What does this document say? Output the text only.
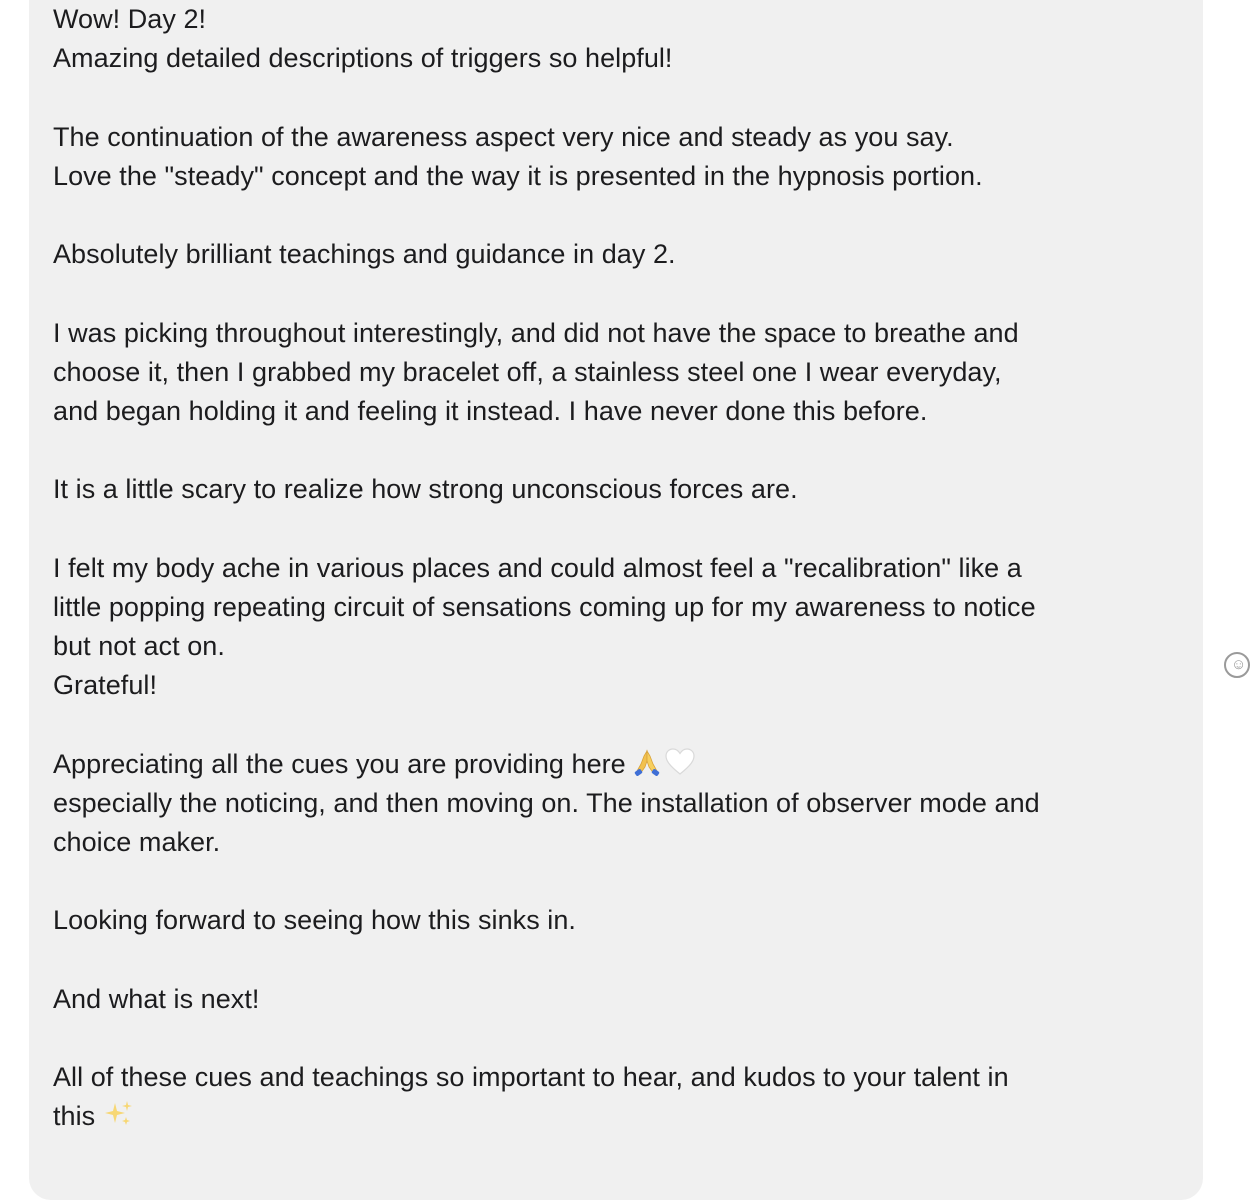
Wow! Day 2!
Amazing detailed descriptions of triggers so helpful!
The continuation of the awareness aspect very nice and steady as you say.
Love the "steady" concept and the way it is presented in the hypnosis portion.
Absolutely brilliant teachings and guidance in day 2.
I was picking throughout interestingly, and did not have the space to breathe and
choose it, then I grabbed my bracelet off, a stainless steel one I wear everyday,
and began holding it and feeling it instead. I have never done this before.
It is a little scary to realize how strong unconscious forces are.
I felt my body ache in various places and could almost feel a "recalibration" like a
little popping repeating circuit of sensations coming up for my awareness to notice
but not act on.
Grateful!
Appreciating all the cues you are providing here
especially the noticing, and then moving on. The installation of observer mode and
choice maker.
Looking forward to seeing how this sinks in.
And what is next!
All of these cues and teachings so important to hear, and kudos to your talent in
this
☺
